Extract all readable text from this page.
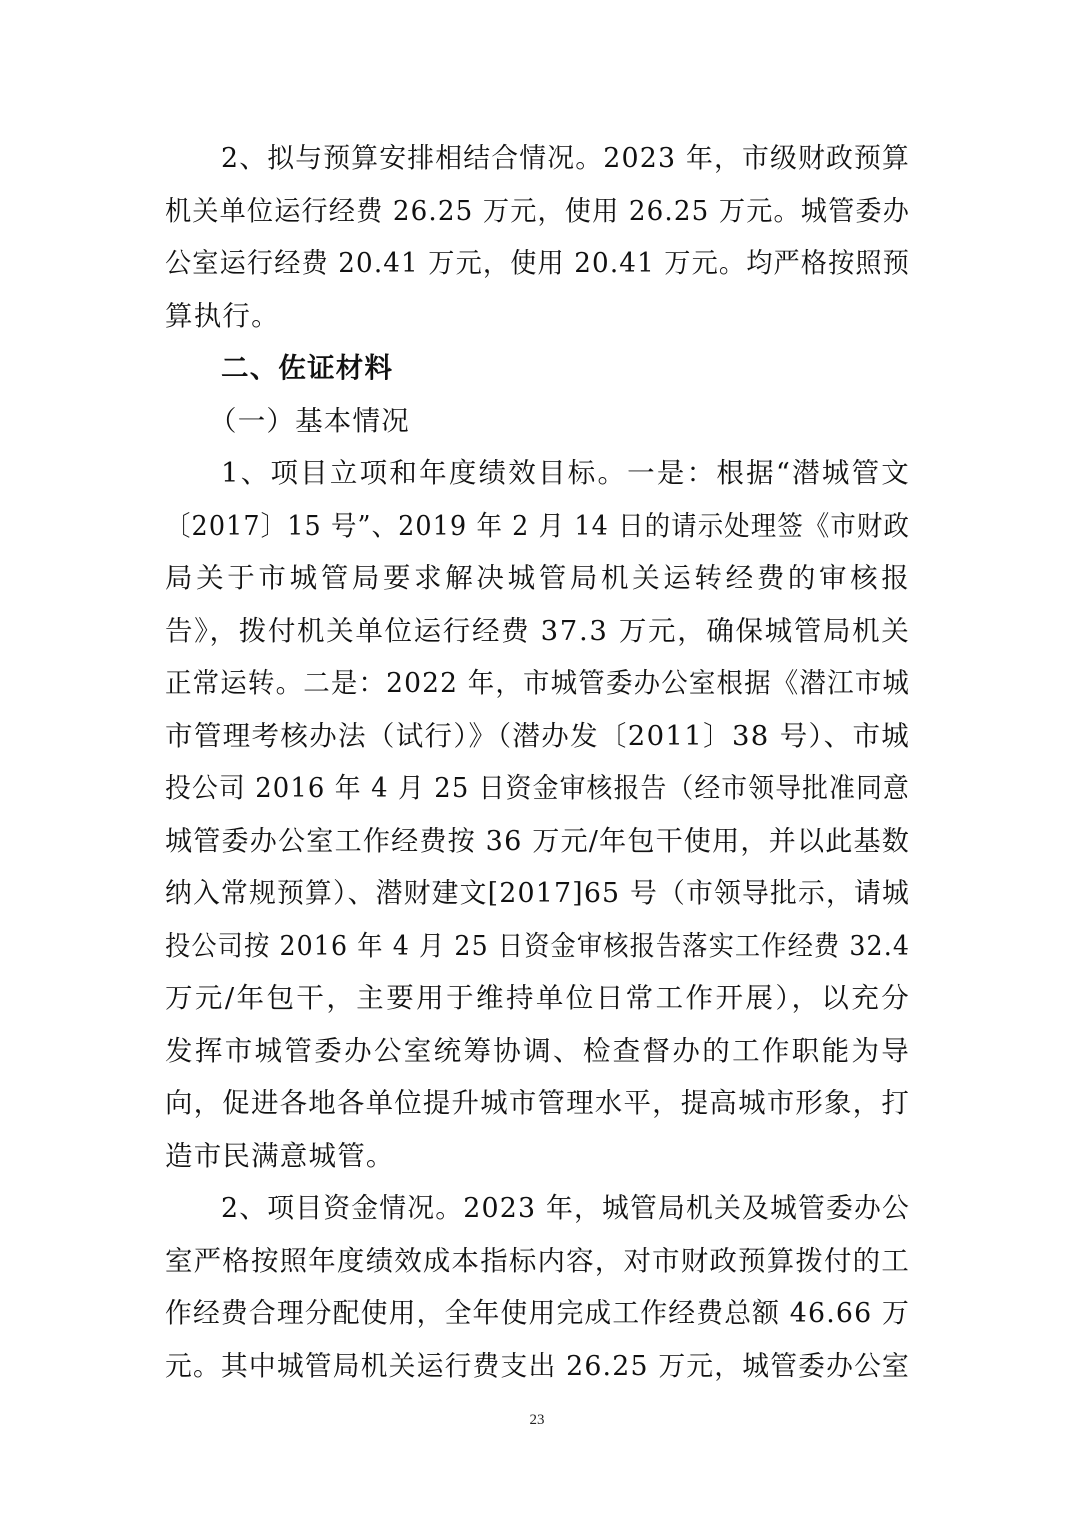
2、拟与预算安排相结合情况。2023 年，市级财政预算
机关单位运行经费 26.25 万元，使用 26.25 万元。城管委办
公室运行经费 20.41 万元，使用 20.41 万元。均严格按照预
算执行。
二、佐证材料
（一）基本情况
1、项目立项和年度绩效目标。一是：根据“潜城管文
〔2017〕15 号”、2019 年 2 月 14 日的请示处理签《市财政
局关于市城管局要求解决城管局机关运转经费的审核报
告》，拨付机关单位运行经费 37.3 万元，确保城管局机关
正常运转。二是：2022 年，市城管委办公室根据《潜江市城
市管理考核办法（试行）》（潜办发〔2011〕38 号）、市城
投公司 2016 年 4 月 25 日资金审核报告（经市领导批准同意
城管委办公室工作经费按 36 万元/年包干使用，并以此基数
纳入常规预算）、潜财建文[2017]65 号（市领导批示，请城
投公司按 2016 年 4 月 25 日资金审核报告落实工作经费 32.4
万元/年包干，主要用于维持单位日常工作开展），以充分
发挥市城管委办公室统筹协调、检查督办的工作职能为导
向，促进各地各单位提升城市管理水平，提高城市形象，打
造市民满意城管。
2、项目资金情况。2023 年，城管局机关及城管委办公
室严格按照年度绩效成本指标内容，对市财政预算拨付的工
作经费合理分配使用，全年使用完成工作经费总额 46.66 万
元。其中城管局机关运行费支出 26.25 万元，城管委办公室
23
